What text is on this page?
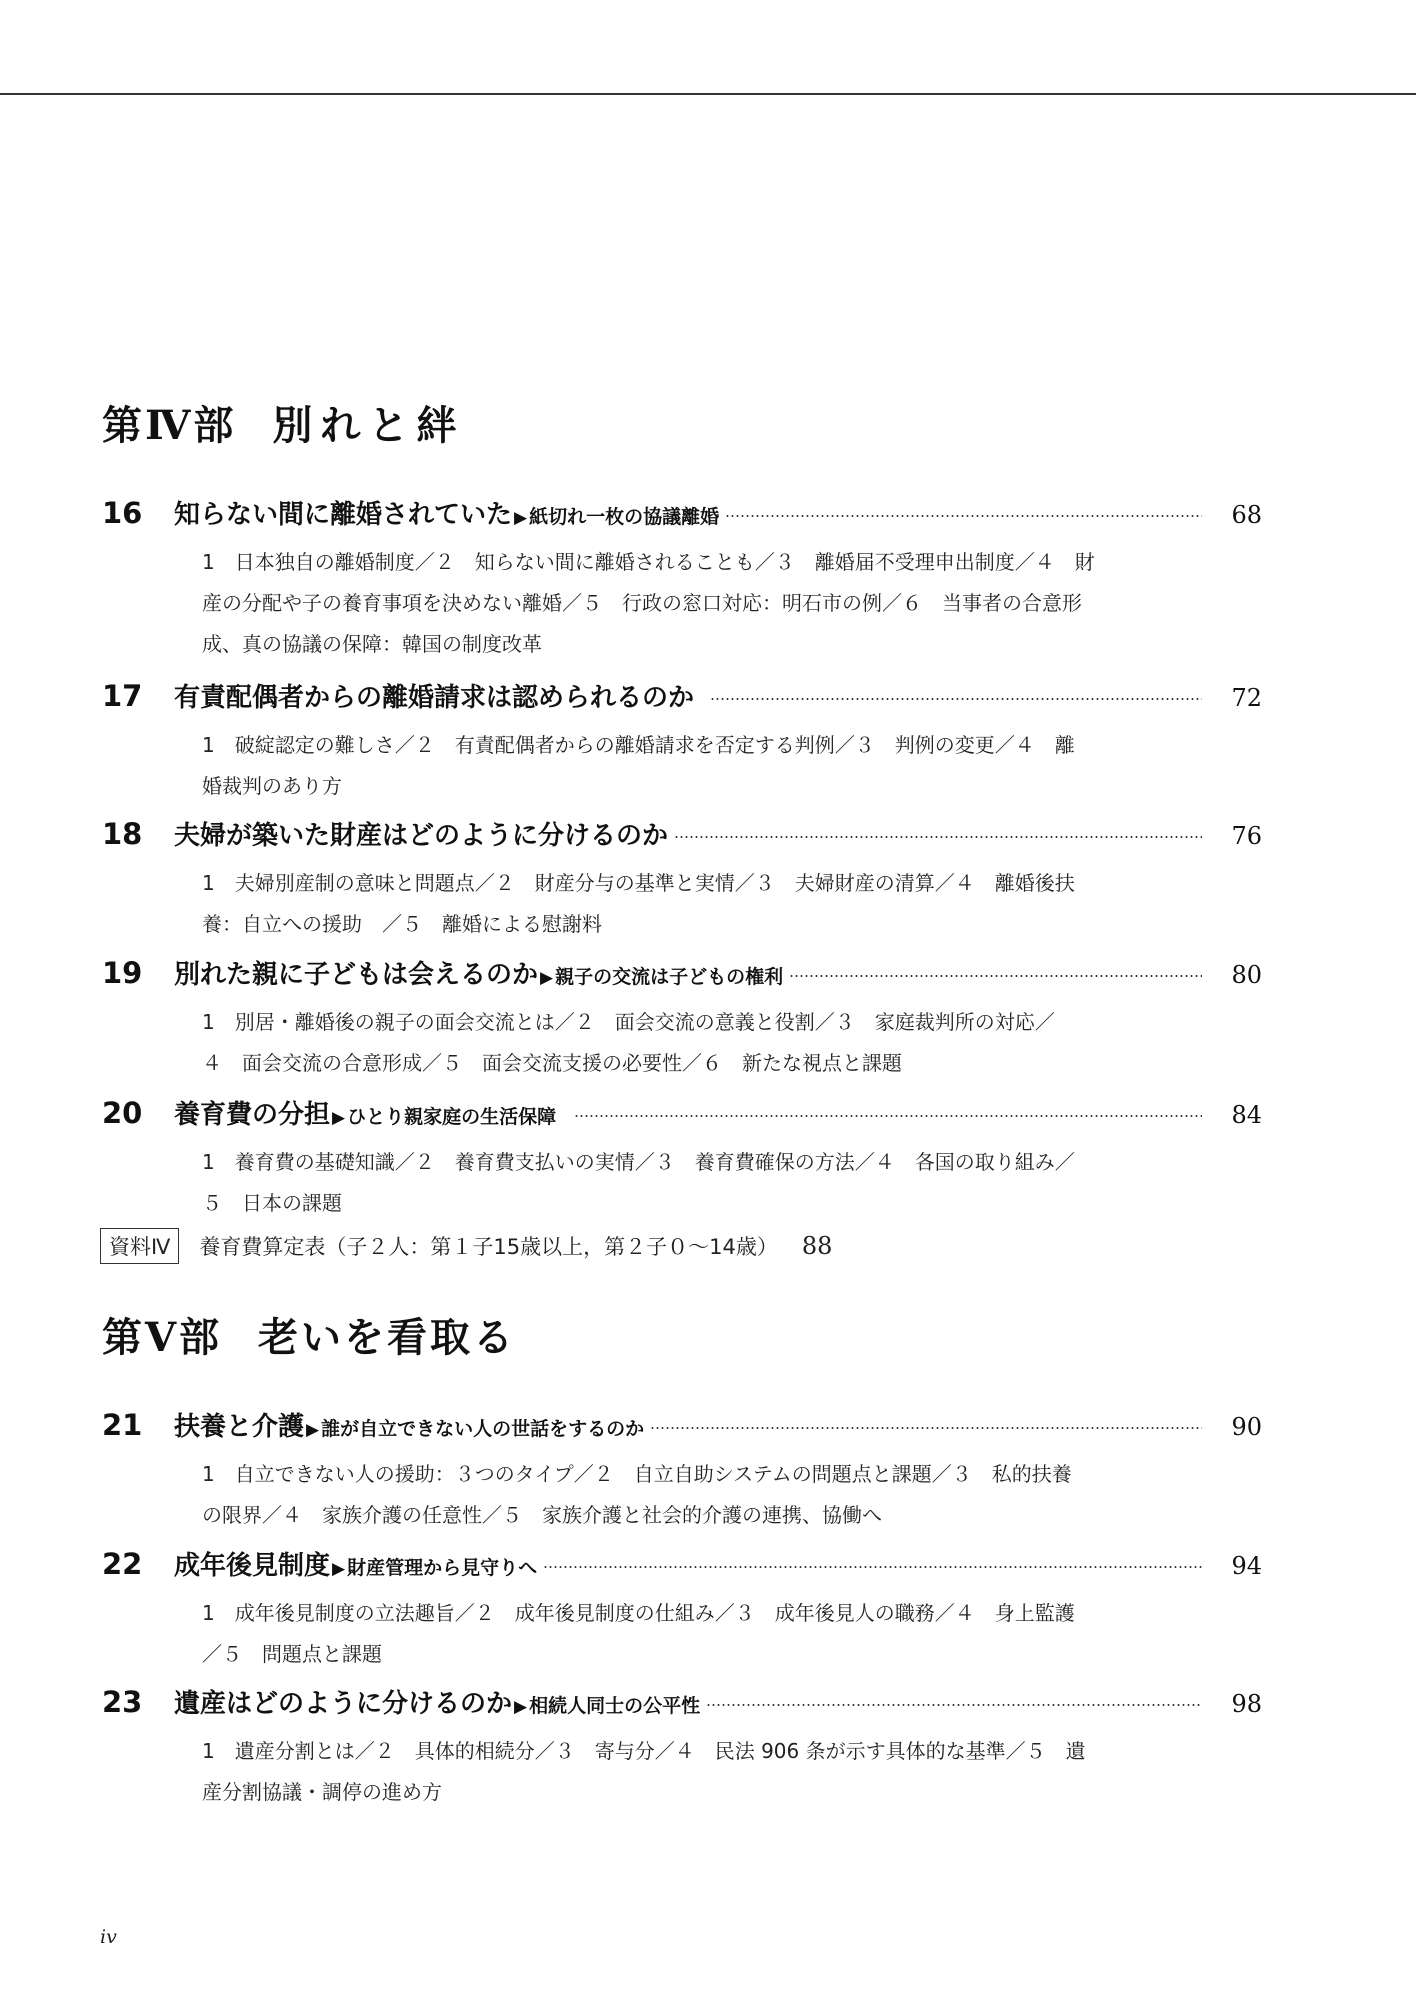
第Ⅳ部 別れと絆
16 知らない間に離婚されていた ▶ 紙切れ一枚の協議離婚	68
1　日本独自の離婚制度／２　知らない間に離婚されることも／３　離婚届不受理申出制度／４　財
産の分配や子の養育事項を決めない離婚／５　行政の窓口対応：明石市の例／６　当事者の合意形
成、真の協議の保障：韓国の制度改革
17 有責配偶者からの離婚請求は認められるのか	72
1　破綻認定の難しさ／２　有責配偶者からの離婚請求を否定する判例／３　判例の変更／４　離
婚裁判のあり方
18 夫婦が築いた財産はどのように分けるのか	76
1　夫婦別産制の意味と問題点／２　財産分与の基準と実情／３　夫婦財産の清算／４　離婚後扶
養：自立への援助　／５　離婚による慰謝料
19 別れた親に子どもは会えるのか ▶ 親子の交流は子どもの権利	80
1　別居・離婚後の親子の面会交流とは／２　面会交流の意義と役割／３　家庭裁判所の対応／
４　面会交流の合意形成／５　面会交流支援の必要性／６　新たな視点と課題
20 養育費の分担 ▶ ひとり親家庭の生活保障	84
1　養育費の基礎知識／２　養育費支払いの実情／３　養育費確保の方法／４　各国の取り組み／
５　日本の課題
資料Ⅳ	養育費算定表（子２人：第１子15歳以上，第２子０～14歳） 88
第Ⅴ部 老いを看取る
21 扶養と介護 ▶ 誰が自立できない人の世話をするのか	90
1　自立できない人の援助：３つのタイプ／２　自立自助システムの問題点と課題／３　私的扶養
の限界／４　家族介護の任意性／５　家族介護と社会的介護の連携、協働へ
22 成年後見制度 ▶ 財産管理から見守りへ	94
1　成年後見制度の立法趣旨／２　成年後見制度の仕組み／３　成年後見人の職務／４　身上監護
／５　問題点と課題
23 遺産はどのように分けるのか ▶ 相続人同士の公平性	98
1　遺産分割とは／２　具体的相続分／３　寄与分／４　民法 906 条が示す具体的な基準／５　遺
産分割協議・調停の進め方
iv
